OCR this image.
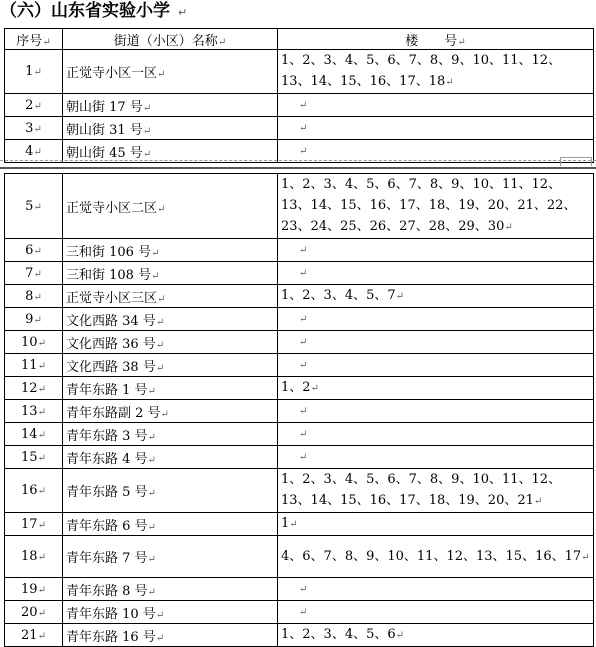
（六）山东省实验小学 ↵
序号↵	街道（小区）名称↵	楼　　号↵
1↵	正觉寺小区一区↵	1、2、3、4、5、6、7、8、9、10、11、12、13、14、15、16、17、18↵
2↵	朝山街 17 号↵	↵
3↵	朝山街 31 号↵	↵
4↵	朝山街 45 号↵	↵
5↵	正觉寺小区二区↵	1、2、3、4、5、6、7、8、9、10、11、12、13、14、15、16、17、18、19、20、21、22、23、24、25、26、27、28、29、30↵
6↵	三和街 106 号↵	↵
7↵	三和街 108 号↵	↵
8↵	正觉寺小区三区↵	1、2、3、4、5、7↵
9↵	文化西路 34 号↵	↵
10↵	文化西路 36 号↵	↵
11↵	文化西路 38 号↵	↵
12↵	青年东路 1 号↵	1、2↵
13↵	青年东路副 2 号↵	↵
14↵	青年东路 3 号↵	↵
15↵	青年东路 4 号↵	↵
16↵	青年东路 5 号↵	1、2、3、4、5、6、7、8、9、10、11、12、13、14、15、16、17、18、19、20、21↵
17↵	青年东路 6 号↵	1↵
18↵	青年东路 7 号↵	4、6、7、8、9、10、11、12、13、15、16、17↵
19↵	青年东路 8 号↵	↵
20↵	青年东路 10 号↵	↵
21↵	青年东路 16 号↵	1、2、3、4、5、6↵
